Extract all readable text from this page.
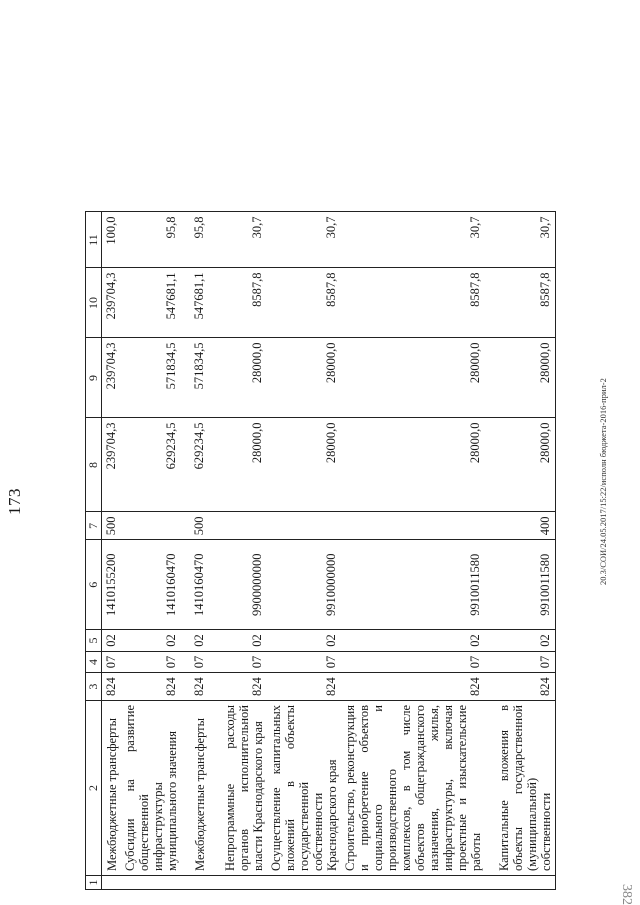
173	20.3/СОИ/24.05.2017/15:22/исполн бюджета-2016-прил-2
382
1	2	3	4	5	6	7	8	9	10	11
	Межбюджетные трансферты	824	07	02	1410155200	500	239704,3	239704,3	239704,3	100,0
	Субсидии на развитие общественной инфраструктуры муниципального значения	824	07	02	1410160470		629234,5	571834,5	547681,1	95,8
	Межбюджетные трансферты	824	07	02	1410160470	500	629234,5	571834,5	547681,1	95,8
	Непрограммные расходы органов исполнительной власти Краснодарского края	824	07	02	9900000000		28000,0	28000,0	8587,8	30,7
	Осуществление капитальных вложений в объекты государственной собственности Краснодарского края	824	07	02	9910000000		28000,0	28000,0	8587,8	30,7
	Строительство, реконструкция и приобретение объектов социального и производственного комплексов, в том числе объектов общегражданского назначения, жилья, инфраструктуры, включая проектные и изыскательские работы	824	07	02	9910011580		28000,0	28000,0	8587,8	30,7
	Капитальные вложения в объекты государственной (муниципальной) собственности	824	07	02	9910011580	400	28000,0	28000,0	8587,8	30,7
